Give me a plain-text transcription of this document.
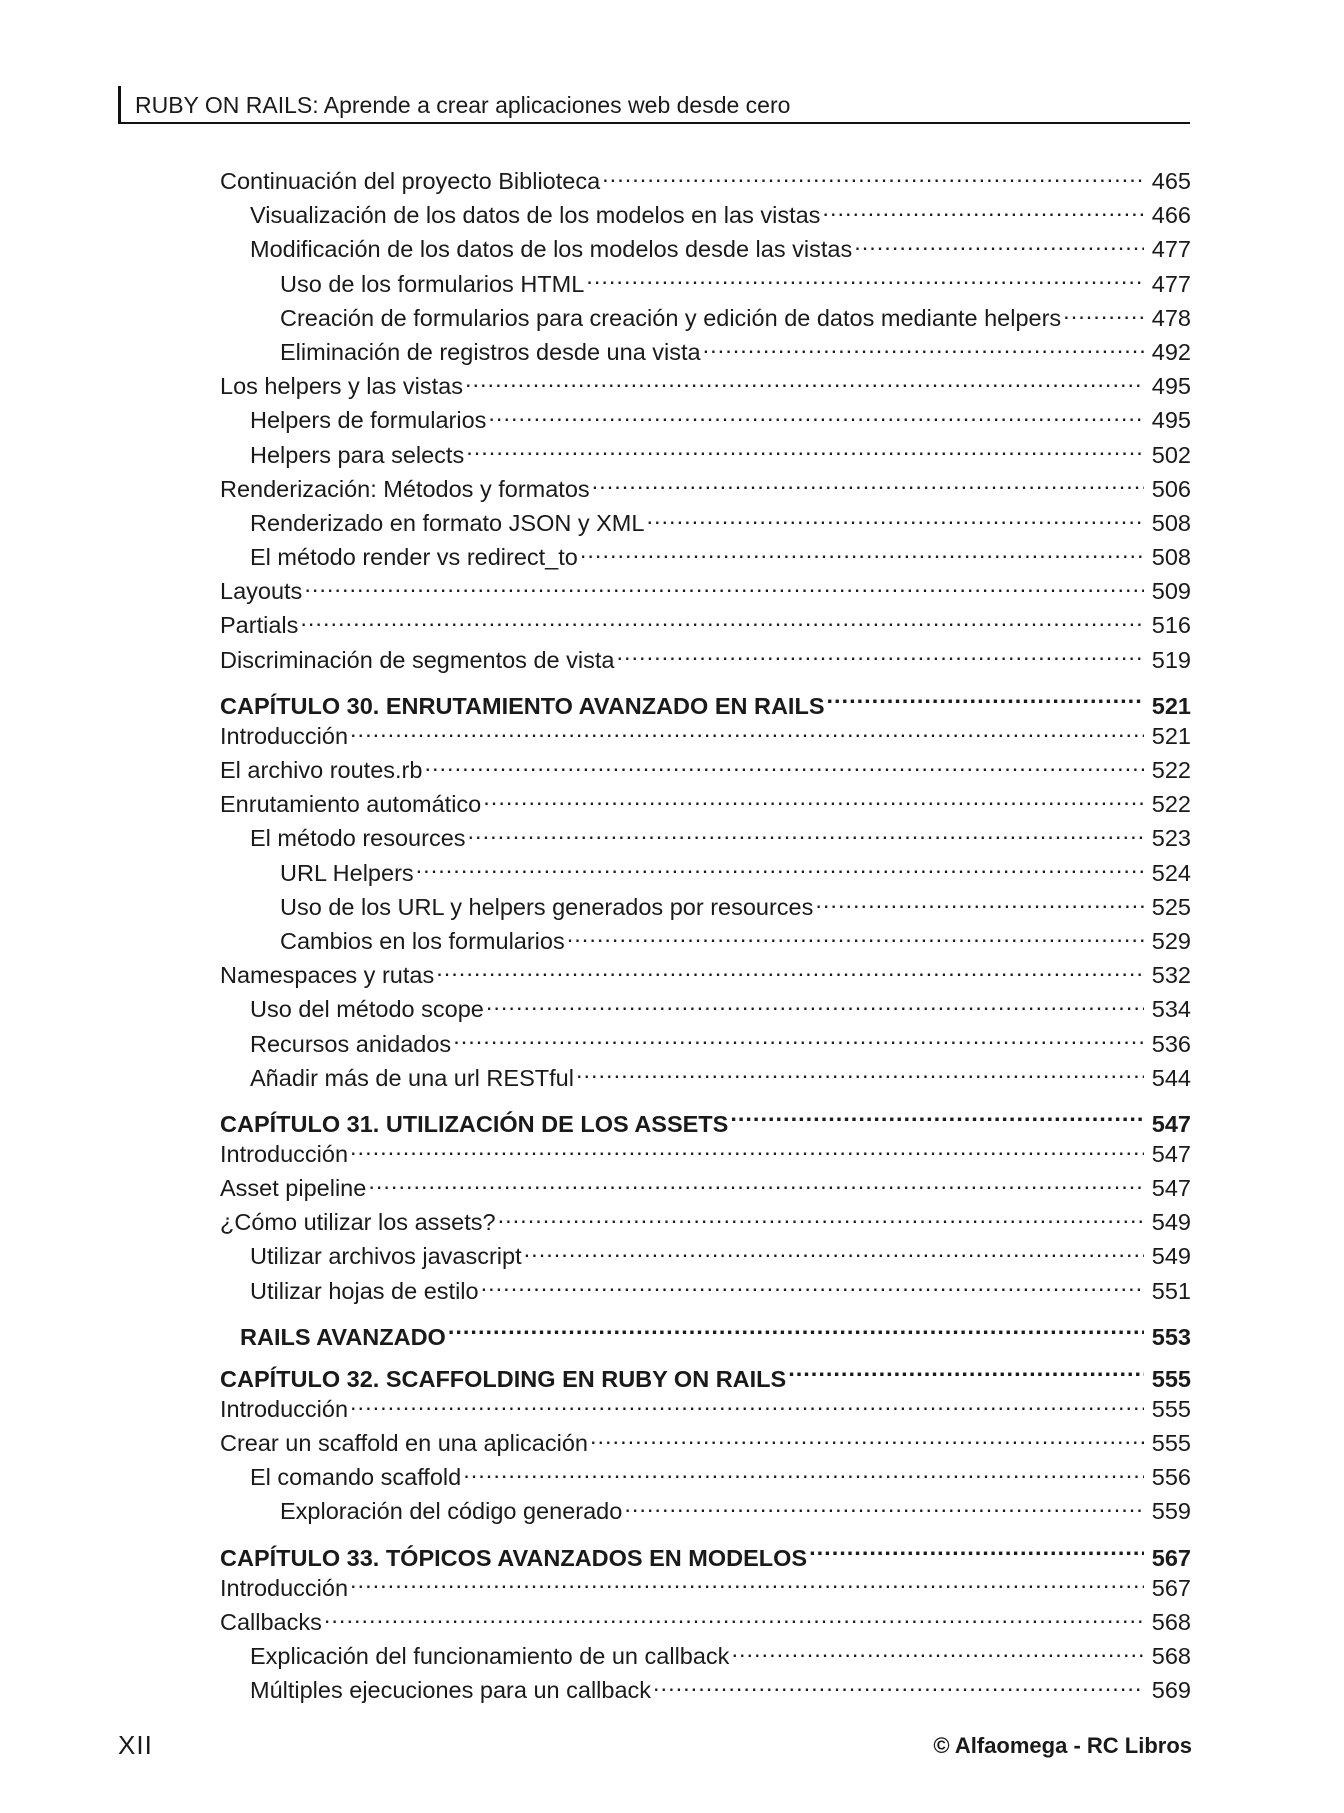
RUBY ON RAILS: Aprende a crear aplicaciones web desde cero
Continuación del proyecto Biblioteca .....	465
Visualización de los datos de los modelos en las vistas .....	466
Modificación de los datos de los modelos desde las vistas .....	477
Uso de los formularios HTML .....	477
Creación de formularios para creación y edición de datos mediante helpers .....	478
Eliminación de registros desde una vista .....	492
Los helpers y las vistas .....	495
Helpers de formularios .....	495
Helpers para selects .....	502
Renderización: Métodos y formatos .....	506
Renderizado en formato JSON y XML .....	508
El método render vs redirect_to .....	508
Layouts .....	509
Partials .....	516
Discriminación de segmentos de vista .....	519
CAPÍTULO 30. ENRUTAMIENTO AVANZADO EN RAILS .....	521
Introducción .....	521
El archivo routes.rb .....	522
Enrutamiento automático .....	522
El método resources .....	523
URL Helpers .....	524
Uso de los URL y helpers generados por resources .....	525
Cambios en los formularios .....	529
Namespaces y rutas .....	532
Uso del método scope .....	534
Recursos anidados .....	536
Añadir más de una url RESTful .....	544
CAPÍTULO 31. UTILIZACIÓN DE LOS ASSETS .....	547
Introducción .....	547
Asset pipeline .....	547
¿Cómo utilizar los assets? .....	549
Utilizar archivos javascript .....	549
Utilizar hojas de estilo .....	551
RAILS AVANZADO .....	553
CAPÍTULO 32. SCAFFOLDING EN RUBY ON RAILS .....	555
Introducción .....	555
Crear un scaffold en una aplicación .....	555
El comando scaffold .....	556
Exploración del código generado .....	559
CAPÍTULO 33. TÓPICOS AVANZADOS EN MODELOS .....	567
Introducción .....	567
Callbacks .....	568
Explicación del funcionamiento de un callback .....	568
Múltiples ejecuciones para un callback .....	569
XII	© Alfaomega - RC Libros
